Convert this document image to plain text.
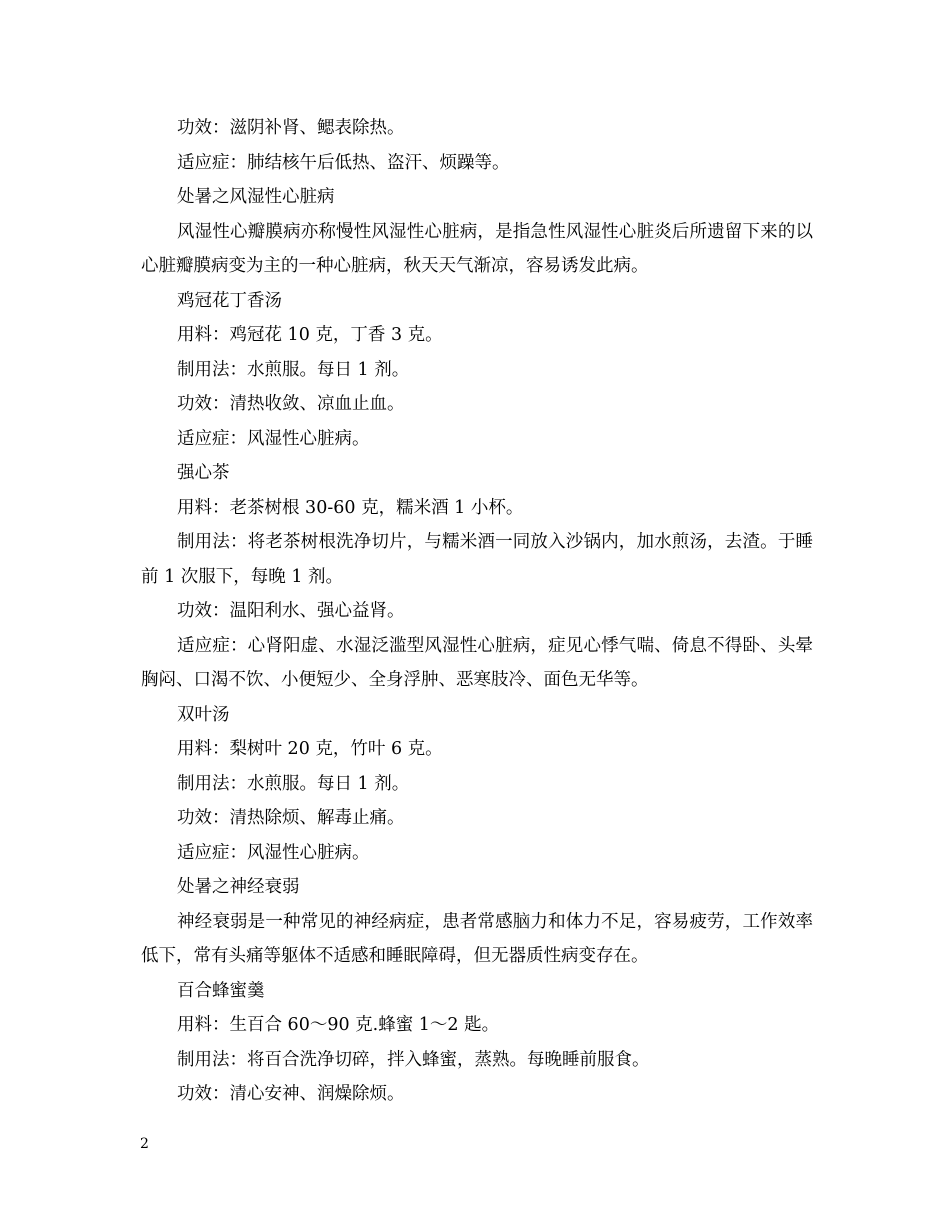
功效：滋阴补肾、鳃表除热。

适应症：肺结核午后低热、盗汗、烦躁等。

处暑之风湿性心脏病

风湿性心瓣膜病亦称慢性风湿性心脏病，是指急性风湿性心脏炎后所遗留下来的以心脏瓣膜病变为主的一种心脏病，秋天天气渐凉，容易诱发此病。

鸡冠花丁香汤

用料：鸡冠花 10 克，丁香 3 克。

制用法：水煎服。每日 1 剂。

功效：清热收敛、凉血止血。

适应症：风湿性心脏病。

强心茶

用料：老茶树根 30-60 克，糯米酒 1 小杯。

制用法：将老茶树根洗净切片，与糯米酒一同放入沙锅内，加水煎汤，去渣。于睡前 1 次服下，每晚 1 剂。

功效：温阳利水、强心益肾。

适应症：心肾阳虚、水湿泛滥型风湿性心脏病，症见心悸气喘、倚息不得卧、头晕胸闷、口渴不饮、小便短少、全身浮肿、恶寒肢冷、面色无华等。

双叶汤

用料：梨树叶 20 克，竹叶 6 克。

制用法：水煎服。每日 1 剂。

功效：清热除烦、解毒止痛。

适应症：风湿性心脏病。

处暑之神经衰弱

神经衰弱是一种常见的神经病症，患者常感脑力和体力不足，容易疲劳，工作效率低下，常有头痛等躯体不适感和睡眠障碍，但无器质性病变存在。

百合蜂蜜羹

用料：生百合 60～90 克.蜂蜜 1～2 匙。

制用法：将百合洗净切碎，拌入蜂蜜，蒸熟。每晚睡前服食。

功效：清心安神、润燥除烦。

2
